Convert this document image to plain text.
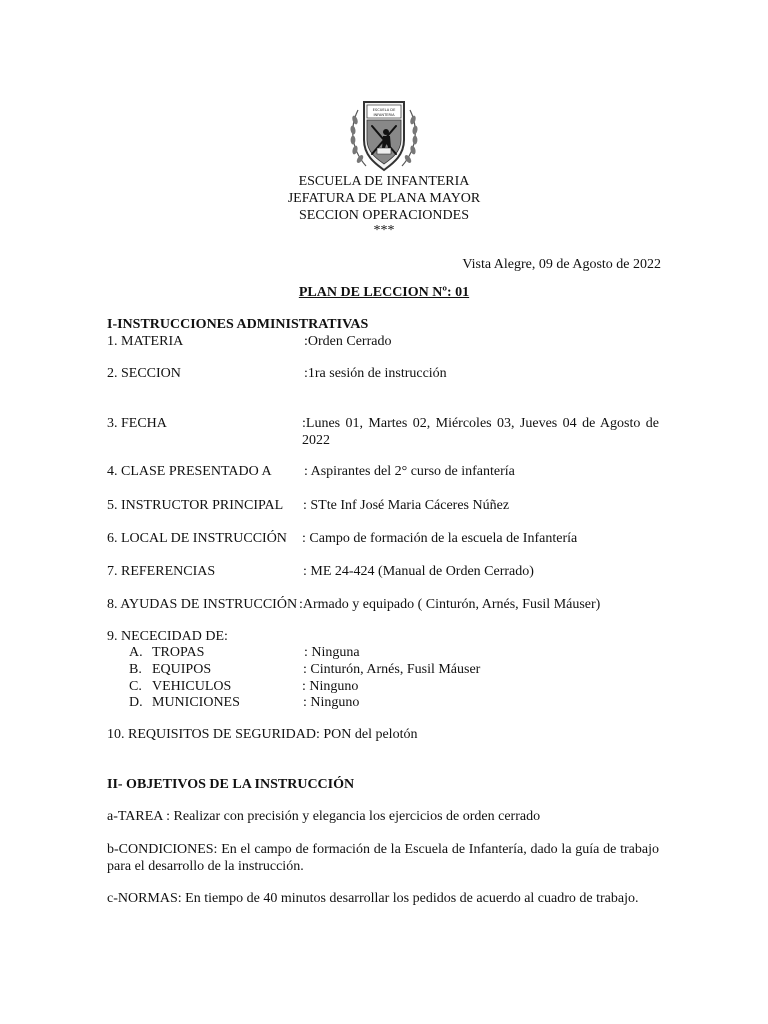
ESCUELA DE
INFANTERIA
ESCUELA DE INFANTERIA
JEFATURA DE PLANA MAYOR
SECCION OPERACIONDES
***
Vista Alegre, 09 de Agosto de 2022
PLAN DE LECCION Nº: 01
I-INSTRUCCIONES ADMINISTRATIVAS
1. MATERIA	:Orden Cerrado
2. SECCION	:1ra sesión de instrucción
3. FECHA	:Lunes 01, Martes 02, Miércoles 03, Jueves 04 de Agosto de 2022
4. CLASE PRESENTADO A : Aspirantes del 2° curso de infantería
5. INSTRUCTOR PRINCIPAL : STte Inf José Maria Cáceres Núñez
6. LOCAL DE INSTRUCCIÓN : Campo de formación de la escuela de Infantería
7. REFERENCIAS	: ME 24-424 (Manual de Orden Cerrado)
8. AYUDAS DE INSTRUCCIÓN :Armado y equipado ( Cinturón, Arnés, Fusil Máuser)
9. NECECIDAD DE:
A. TROPAS	: Ninguna
B. EQUIPOS	: Cinturón, Arnés, Fusil Máuser
C. VEHICULOS	: Ninguno
D. MUNICIONES	: Ninguno
10. REQUISITOS DE SEGURIDAD: PON del pelotón
II- OBJETIVOS DE LA INSTRUCCIÓN
a-TAREA : Realizar con precisión y elegancia los ejercicios de orden cerrado
b-CONDICIONES: En el campo de formación de la Escuela de Infantería, dado la guía de trabajo para el desarrollo de la instrucción.
c-NORMAS: En tiempo de 40 minutos desarrollar los pedidos de acuerdo al cuadro de trabajo.
